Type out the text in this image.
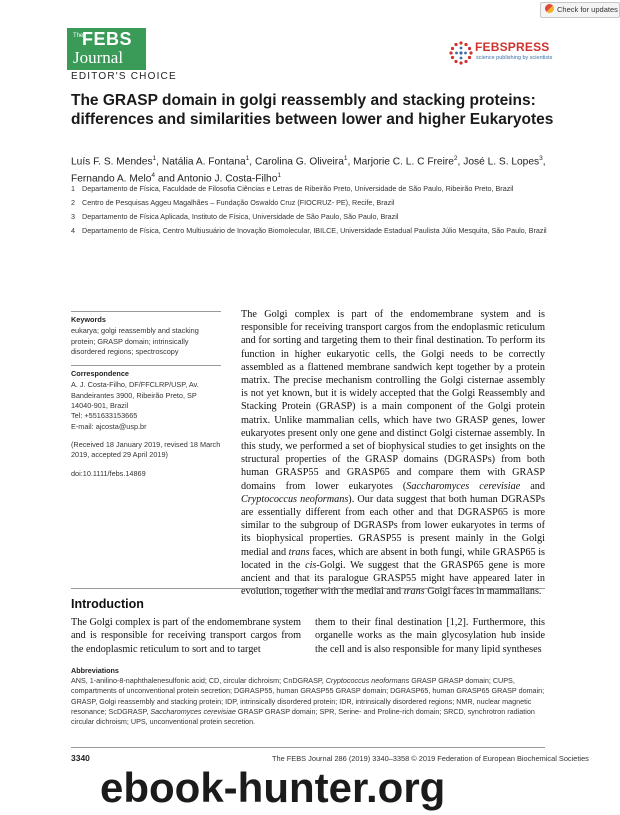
Check for updates
The
FEBS
Journal
EDITOR'S CHOICE
FEBSPRESS
science publishing by scientists
The GRASP domain in golgi reassembly and stacking proteins: differences and similarities between lower and higher Eukaryotes
Luís F. S. Mendes$^1$, Natália A. Fontana$^1$, Carolina G. Oliveira$^1$, Marjorie C. L. C Freire$^2$, José L. S. Lopes$^3$, Fernando A. Melo$^4$ and Antonio J. Costa-Filho$^1$
1 Departamento de Física, Faculdade de Filosofia Ciências e Letras de Ribeirão Preto, Universidade de São Paulo, Ribeirão Preto, Brazil
2 Centro de Pesquisas Aggeu Magalhães – Fundação Oswaldo Cruz (FIOCRUZ- PE), Recife, Brazil
3 Departamento de Física Aplicada, Instituto de Física, Universidade de São Paulo, São Paulo, Brazil
4 Departamento de Física, Centro Multiusuário de Inovação Biomolecular, IBILCE, Universidade Estadual Paulista Júlio Mesquita, São Paulo, Brazil
Keywords
eukarya; golgi reassembly and stacking protein; GRASP domain; intrinsically disordered regions; spectroscopy
Correspondence
A. J. Costa-Filho, DF/FFCLRP/USP, Av.
Bandeirantes 3900, Ribeirão Preto, SP
14040-901, Brazil
Tel: +551633153665
E-mail: ajcosta@usp.br
(Received 18 January 2019, revised 18 March 2019, accepted 29 April 2019)
doi:10.1111/febs.14869
The Golgi complex is part of the endomembrane system and is responsible for receiving transport cargos from the endoplasmic reticulum and for sorting and targeting them to their final destination. To perform its function in higher eukaryotic cells, the Golgi needs to be correctly assembled as a flattened membrane sandwich kept together by a protein matrix. The precise mechanism controlling the Golgi cisternae assembly is not yet known, but it is widely accepted that the Golgi Reassembly and Stacking Protein (GRASP) is a main component of the Golgi protein matrix. Unlike mammalian cells, which have two GRASP genes, lower eukaryotes present only one gene and distinct Golgi cisternae assembly. In this study, we performed a set of biophysical studies to get insights on the structural properties of the GRASP domains (DGRASPs) from both human GRASP55 and GRASP65 and compare them with GRASP domains from lower eukaryotes (Saccharomyces cerevisiae and Cryptococcus neoformans). Our data suggest that both human DGRASPs are essentially different from each other and that DGRASP65 is more similar to the subgroup of DGRASPs from lower eukaryotes in terms of its biophysical properties. GRASP55 is present mainly in the Golgi medial and trans faces, which are absent in both fungi, while GRASP65 is located in the cis-Golgi. We suggest that the GRASP65 gene is more ancient and that its paralogue GRASP55 might have appeared later in evolution, together with the medial and trans Golgi faces in mammalians.
Introduction
The Golgi complex is part of the endomembrane system and is responsible for receiving transport cargos from the endoplasmic reticulum to sort and to target
them to their final destination [1,2]. Furthermore, this organelle works as the main glycosylation hub inside the cell and is also responsible for many lipid syntheses
Abbreviations
ANS, 1-anilino-8-naphthalenesulfonic acid; CD, circular dichroism; CnDGRASP, Cryptococcus neoformans GRASP GRASP domain; CUPS, compartments of unconventional protein secretion; DGRASP55, human GRASP55 GRASP domain; DGRASP65, human GRASP65 GRASP domain; GRASP, Golgi reassembly and stacking protein; IDP, intrinsically disordered protein; IDR, intrinsically disordered regions; NMR, nuclear magnetic resonance; ScDGRASP, Saccharomyces cerevisiae GRASP GRASP domain; SPR, Serine- and Proline-rich domain; SRCD, synchrotron radiation circular dichroism; UPS, unconventional protein secretion.
3340	The FEBS Journal 286 (2019) 3340–3358 © 2019 Federation of European Biochemical Societies
ebook-hunter.org
